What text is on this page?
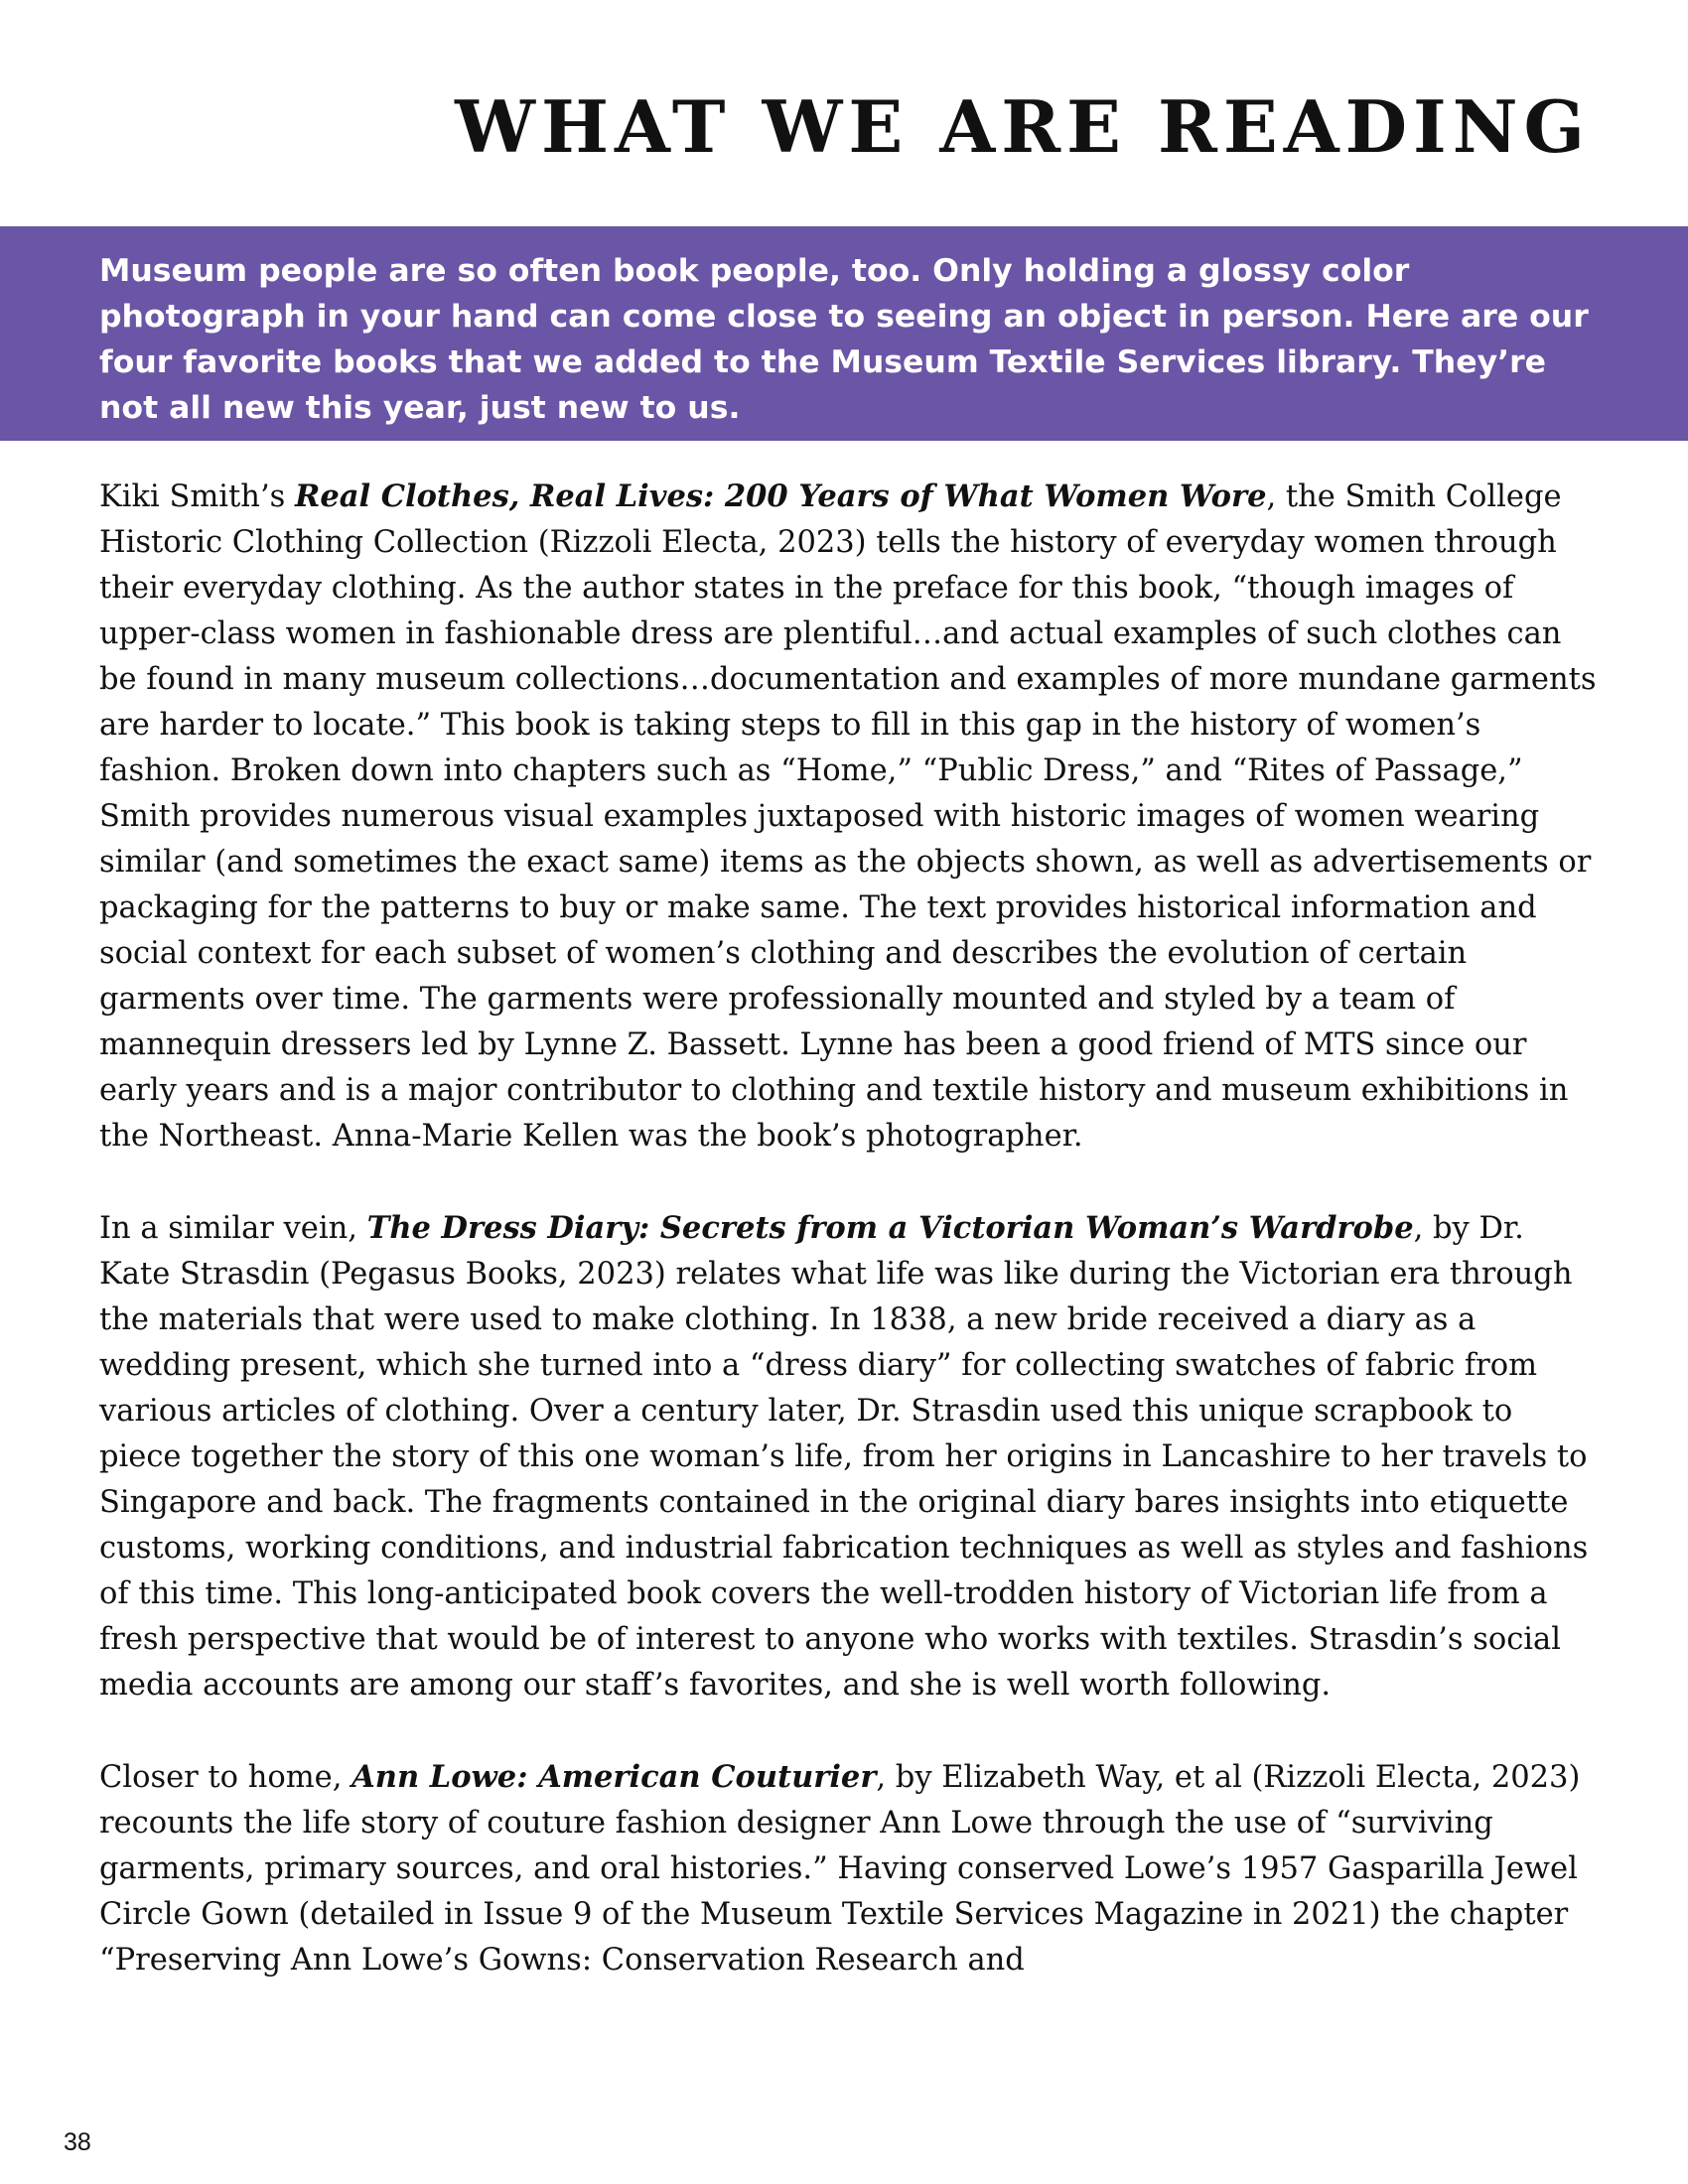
WHAT WE ARE READING

Museum people are so often book people, too. Only holding a glossy color photograph in your hand can come close to seeing an object in person. Here are our four favorite books that we added to the Museum Textile Services library. They’re not all new this year, just new to us.

Kiki Smith’s Real Clothes, Real Lives: 200 Years of What Women Wore, the Smith College Historic Clothing Collection (Rizzoli Electa, 2023) tells the history of everyday women through their everyday clothing. As the author states in the preface for this book, “though images of upper-class women in fashionable dress are plentiful…and actual examples of such clothes can be found in many museum collections…documentation and examples of more mundane garments are harder to locate.” This book is taking steps to fill in this gap in the history of women’s fashion. Broken down into chapters such as “Home,” “Public Dress,” and “Rites of Passage,” Smith provides numerous visual examples juxtaposed with historic images of women wearing similar (and sometimes the exact same) items as the objects shown, as well as advertisements or packaging for the patterns to buy or make same. The text provides historical information and social context for each subset of women’s clothing and describes the evolution of certain garments over time. The garments were professionally mounted and styled by a team of mannequin dressers led by Lynne Z. Bassett. Lynne has been a good friend of MTS since our early years and is a major contributor to clothing and textile history and museum exhibitions in the Northeast. Anna-Marie Kellen was the book’s photographer.

In a similar vein, The Dress Diary: Secrets from a Victorian Woman’s Wardrobe, by Dr. Kate Strasdin (Pegasus Books, 2023) relates what life was like during the Victorian era through the materials that were used to make clothing. In 1838, a new bride received a diary as a wedding present, which she turned into a “dress diary” for collecting swatches of fabric from various articles of clothing. Over a century later, Dr. Strasdin used this unique scrapbook to piece together the story of this one woman’s life, from her origins in Lancashire to her travels to Singapore and back. The fragments contained in the original diary bares insights into etiquette customs, working conditions, and industrial fabrication techniques as well as styles and fashions of this time. This long-anticipated book covers the well-trodden history of Victorian life from a fresh perspective that would be of interest to anyone who works with textiles. Strasdin’s social media accounts are among our staff’s favorites, and she is well worth following.

Closer to home, Ann Lowe: American Couturier, by Elizabeth Way, et al (Rizzoli Electa, 2023) recounts the life story of couture fashion designer Ann Lowe through the use of “surviving garments, primary sources, and oral histories.” Having conserved Lowe’s 1957 Gasparilla Jewel Circle Gown (detailed in Issue 9 of the Museum Textile Services Magazine in 2021) the chapter “Preserving Ann Lowe’s Gowns: Conservation Research and

38
